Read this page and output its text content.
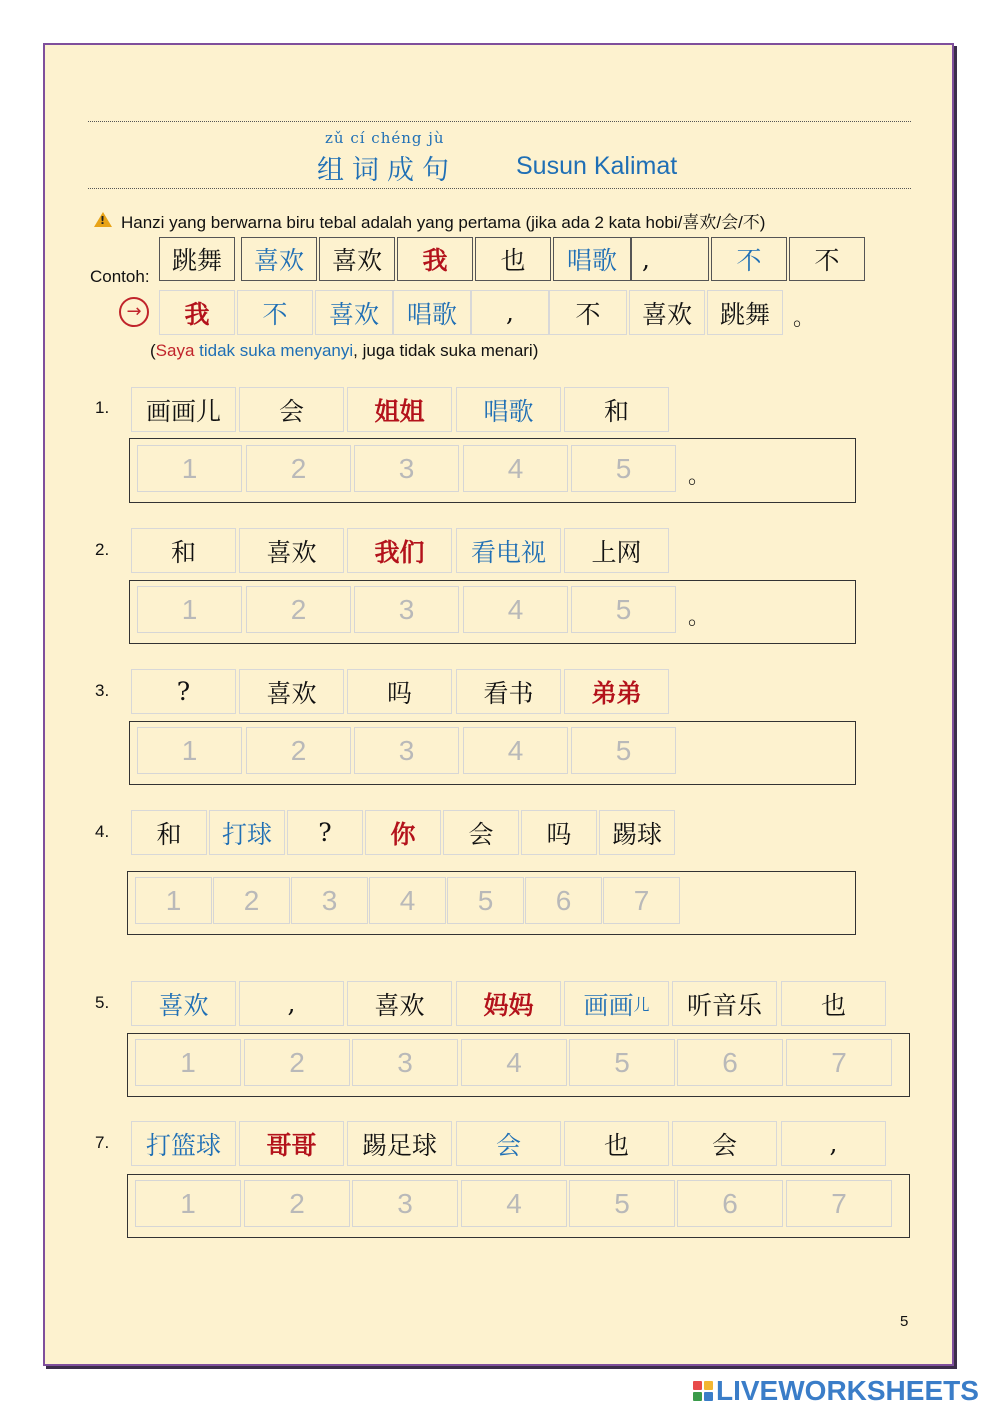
zǔ cí chéng jù
组词成句 Susun Kalimat
!
Hanzi yang berwarna biru tebal adalah yang pertama (jika ada 2 kata hobi/喜欢/会/不)
Contoh:
跳舞	喜欢	喜欢	我	也	唱歌	,	不	不
→	我	不	喜欢	唱歌	,	不	喜欢	跳舞	。
(Saya tidak suka menyanyi, juga tidak suka menari)
1.	画画儿	会	姐姐	唱歌	和
1	2	3	4	5	。
2.	和	喜欢	我们	看电视	上网
1	2	3	4	5	。
3.	?	喜欢	吗	看书	弟弟
1	2	3	4	5
4.	和	打球	?	你	会	吗	踢球
1	2	3	4	5	6	7
5.	喜欢	,	喜欢	妈妈	画画 儿	听音乐	也
1	2	3	4	5	6	7
7.	打篮球	哥哥	踢足球	会	也	会	,
1	2	3	4	5	6	7
5
LIVEWORKSHEETS
